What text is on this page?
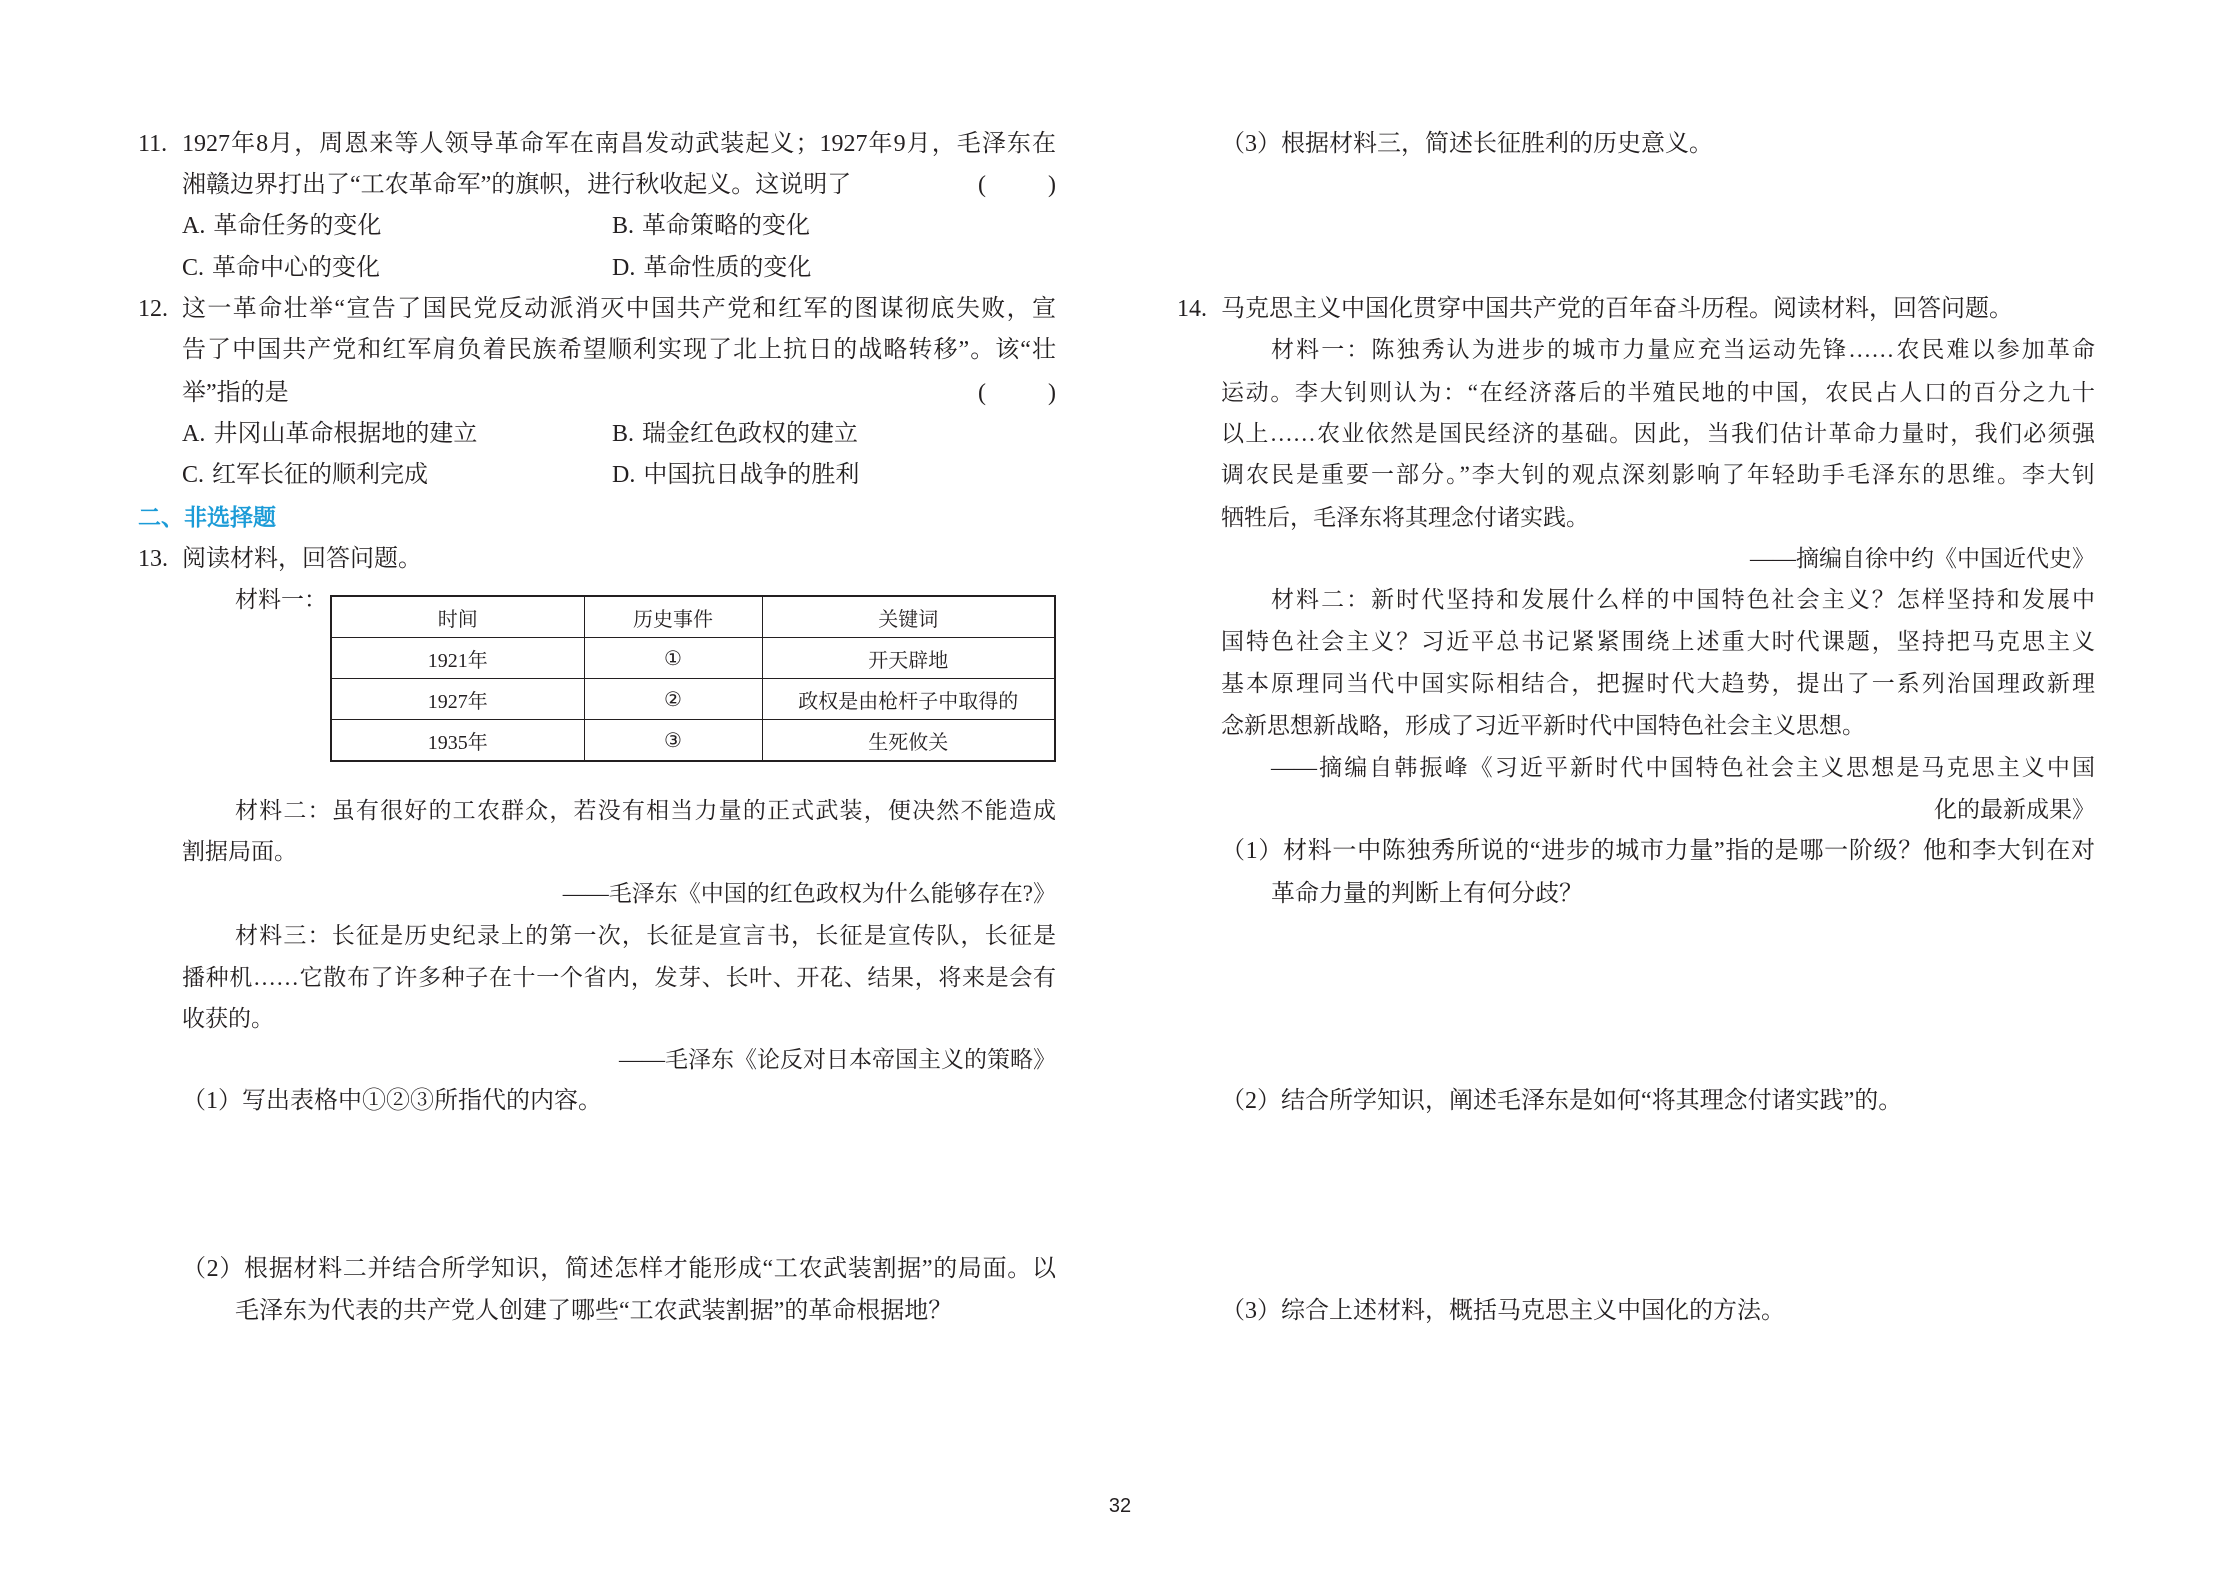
11. 1927年8月，周恩来等人领导革命军在南昌发动武装起义；1927年9月，毛泽东在
湘赣边界打出了“工农革命军”的旗帜，进行秋收起义。这说明了	( )
A. 革命任务的变化	B. 革命策略的变化
C. 革命中心的变化	D. 革命性质的变化
12. 这一革命壮举“宣告了国民党反动派消灭中国共产党和红军的图谋彻底失败，宣
告了中国共产党和红军肩负着民族希望顺利实现了北上抗日的战略转移”。该“壮
举”指的是	( )
A. 井冈山革命根据地的建立	B. 瑞金红色政权的建立
C. 红军长征的顺利完成	D. 中国抗日战争的胜利
二、非选择题
13. 阅读材料，回答问题。
材料一：
时间	历史事件	关键词
1921年	①	开天辟地
1927年	②	政权是由枪杆子中取得的
1935年	③	生死攸关
材料二：虽有很好的工农群众，若没有相当力量的正式武装，便决然不能造成
割据局面。
——毛泽东《中国的红色政权为什么能够存在?》
材料三：长征是历史纪录上的第一次，长征是宣言书，长征是宣传队，长征是
播种机……它散布了许多种子在十一个省内，发芽、长叶、开花、结果，将来是会有
收获的。
——毛泽东《论反对日本帝国主义的策略》
（1）写出表格中①②③所指代的内容。
（2）根据材料二并结合所学知识，简述怎样才能形成“工农武装割据”的局面。以
毛泽东为代表的共产党人创建了哪些“工农武装割据”的革命根据地？
（3）根据材料三，简述长征胜利的历史意义。
14. 马克思主义中国化贯穿中国共产党的百年奋斗历程。阅读材料，回答问题。
材料一：陈独秀认为进步的城市力量应充当运动先锋……农民难以参加革命
运动。李大钊则认为：“在经济落后的半殖民地的中国，农民占人口的百分之九十
以上……农业依然是国民经济的基础。因此，当我们估计革命力量时，我们必须强
调农民是重要一部分。”李大钊的观点深刻影响了年轻助手毛泽东的思维。李大钊
牺牲后，毛泽东将其理念付诸实践。
——摘编自徐中约《中国近代史》
材料二：新时代坚持和发展什么样的中国特色社会主义？怎样坚持和发展中
国特色社会主义？习近平总书记紧紧围绕上述重大时代课题，坚持把马克思主义
基本原理同当代中国实际相结合，把握时代大趋势，提出了一系列治国理政新理
念新思想新战略，形成了习近平新时代中国特色社会主义思想。
——摘编自韩振峰《习近平新时代中国特色社会主义思想是马克思主义中国
化的最新成果》
（1）材料一中陈独秀所说的“进步的城市力量”指的是哪一阶级？他和李大钊在对
革命力量的判断上有何分歧？
（2）结合所学知识，阐述毛泽东是如何“将其理念付诸实践”的。
（3）综合上述材料，概括马克思主义中国化的方法。
32
